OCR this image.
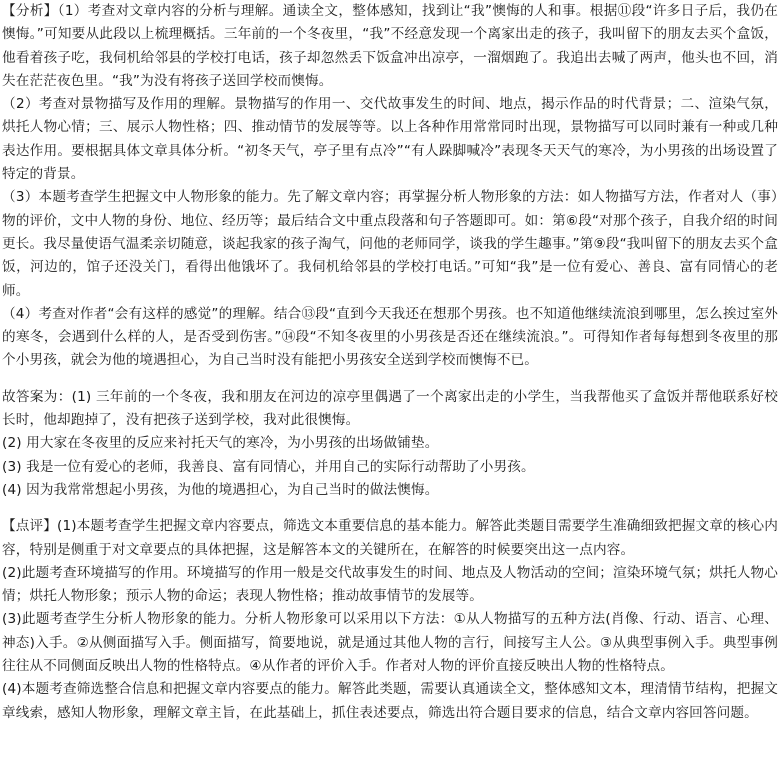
【分析】（1）考查对文章内容的分析与理解。通读全文，整体感知，找到让“我”懊悔的人和事。根据⑪段“许多日子后，我仍在懊悔。”可知要从此段以上梳理概括。三年前的一个冬夜里，“我”不经意发现一个离家出走的孩子，我叫留下的朋友去买个盒饭，他看着孩子吃，我伺机给邻县的学校打电话，孩子却忽然丢下饭盒冲出凉亭，一溜烟跑了。我追出去喊了两声，他头也不回，消失在茫茫夜色里。“我”为没有将孩子送回学校而懊悔。

（2）考查对景物描写及作用的理解。景物描写的作用一、交代故事发生的时间、地点，揭示作品的时代背景；二、渲染气氛，烘托人物心情；三、展示人物性格；四、推动情节的发展等等。以上各种作用常常同时出现，景物描写可以同时兼有一种或几种表达作用。要根据具体文章具体分析。“初冬天气，亭子里有点冷”“有人跺脚喊冷”表现冬天天气的寒冷，为小男孩的出场设置了特定的背景。

（3）本题考查学生把握文中人物形象的能力。先了解文章内容；再掌握分析人物形象的方法：如人物描写方法，作者对人（事）物的评价，文中人物的身份、地位、经历等；最后结合文中重点段落和句子答题即可。如：第⑥段“对那个孩子，自我介绍的时间更长。我尽量使语气温柔亲切随意，谈起我家的孩子淘气，问他的老师同学，谈我的学生趣事。”第⑨段“我叫留下的朋友去买个盒饭，河边的，馆子还没关门，看得出他饿坏了。我伺机给邻县的学校打电话。”可知“我”是一位有爱心、善良、富有同情心的老师。

（4）考查对作者“会有这样的感觉”的理解。结合⑬段“直到今天我还在想那个男孩。也不知道他继续流浪到哪里，怎么挨过室外的寒冬，会遇到什么样的人，是否受到伤害。”⑭段“不知冬夜里的小男孩是否还在继续流浪。”。可得知作者每每想到冬夜里的那个小男孩，就会为他的境遇担心，为自己当时没有能把小男孩安全送到学校而懊悔不已。

故答案为：(1) 三年前的一个冬夜，我和朋友在河边的凉亭里偶遇了一个离家出走的小学生，当我帮他买了盒饭并帮他联系好校长时，他却跑掉了，没有把孩子送到学校，我对此很懊悔。

(2) 用大家在冬夜里的反应来衬托天气的寒冷，为小男孩的出场做铺垫。

(3) 我是一位有爱心的老师，我善良、富有同情心，并用自己的实际行动帮助了小男孩。

(4) 因为我常常想起小男孩，为他的境遇担心，为自己当时的做法懊悔。

【点评】(1)本题考查学生把握文章内容要点，筛选文本重要信息的基本能力。解答此类题目需要学生准确细致把握文章的核心内容，特别是侧重于对文章要点的具体把握，这是解答本文的关键所在，在解答的时候要突出这一点内容。

(2)此题考查环境描写的作用。环境描写的作用一般是交代故事发生的时间、地点及人物活动的空间；渲染环境气氛；烘托人物心情；烘托人物形象；预示人物的命运；表现人物性格；推动故事情节的发展等。

(3)此题考查学生分析人物形象的能力。分析人物形象可以采用以下方法：①从人物描写的五种方法(肖像、行动、语言、心理、神态)入手。②从侧面描写入手。侧面描写，简要地说，就是通过其他人物的言行，间接写主人公。③从典型事例入手。典型事例往往从不同侧面反映出人物的性格特点。④从作者的评价入手。作者对人物的评价直接反映出人物的性格特点。

(4)本题考查筛选整合信息和把握文章内容要点的能力。解答此类题，需要认真通读全文，整体感知文本，理清情节结构，把握文章线索，感知人物形象，理解文章主旨，在此基础上，抓住表述要点，筛选出符合题目要求的信息，结合文章内容回答问题。
